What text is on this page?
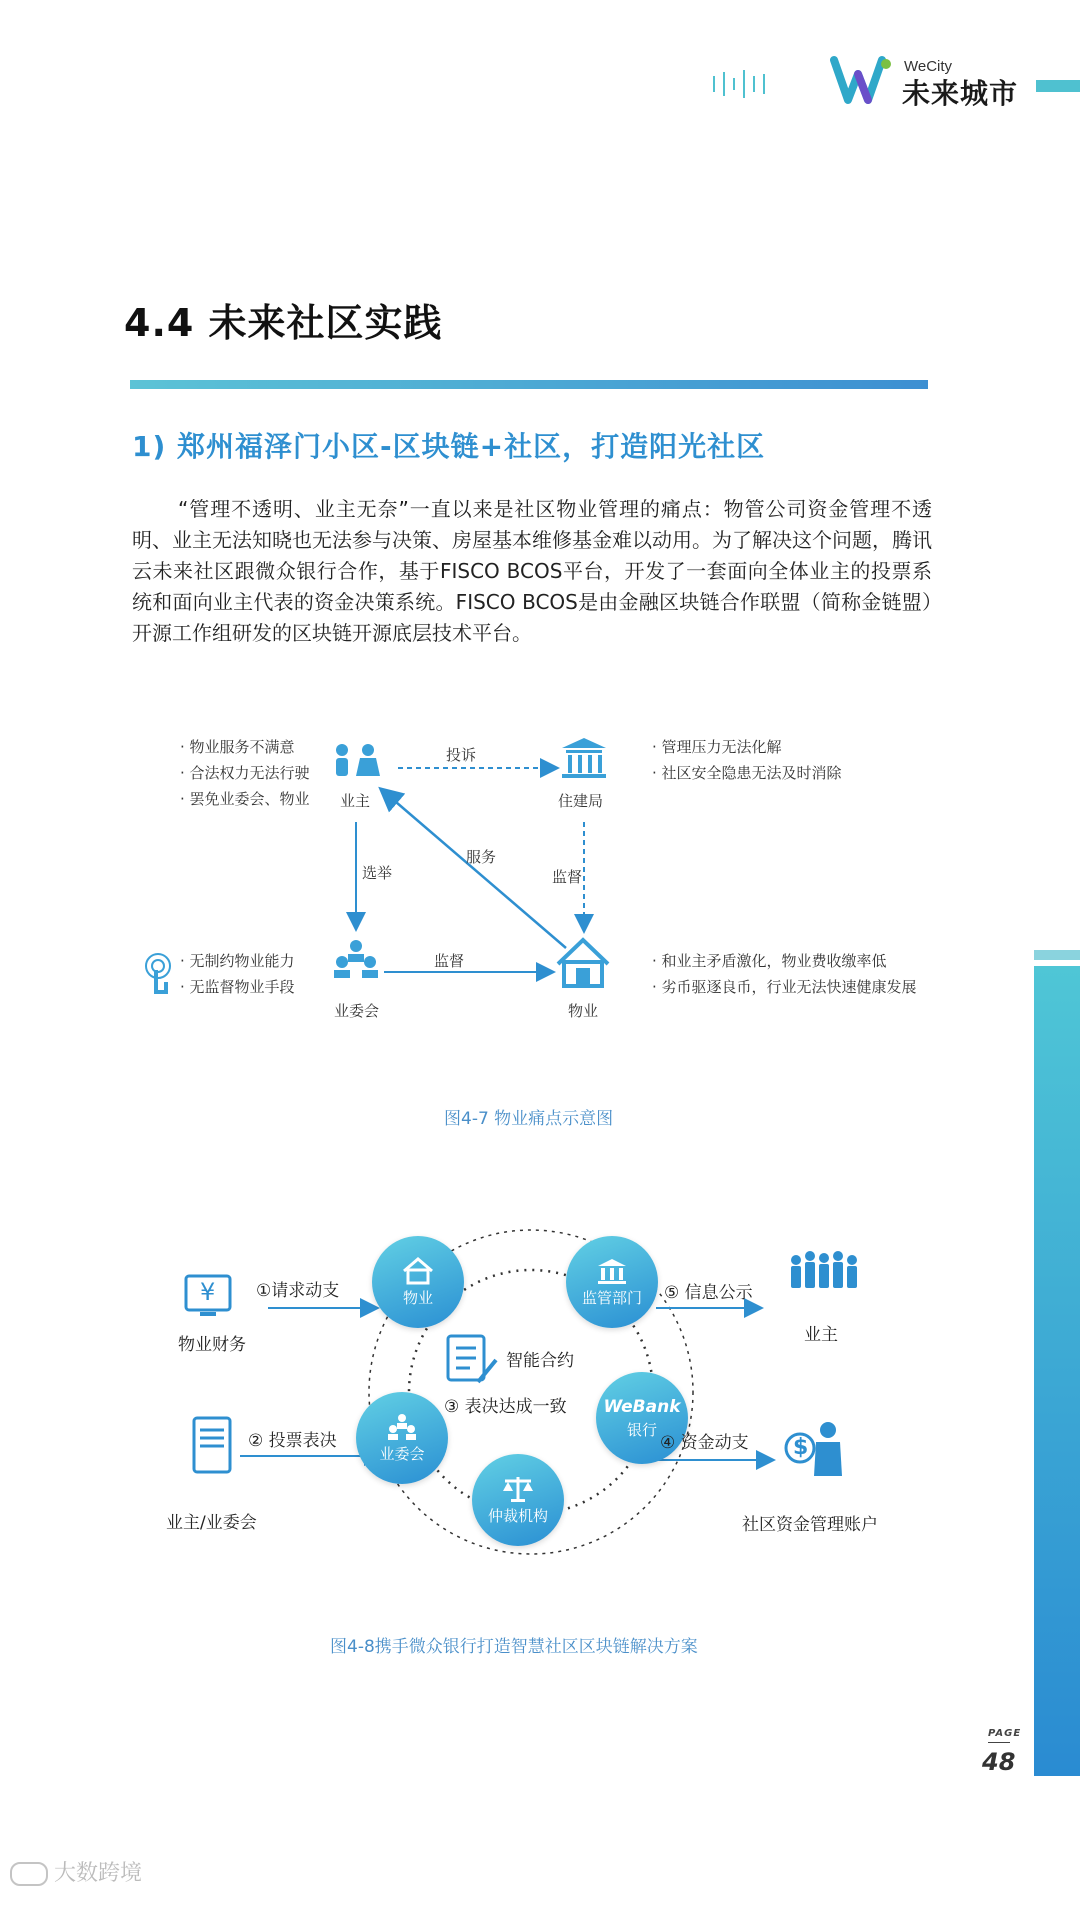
WeCity
未来城市
4.4 未来社区实践
1) 郑州福泽门小区-区块链+社区，打造阳光社区
“管理不透明、业主无奈”一直以来是社区物业管理的痛点：物管公司资金管理不透明、业主无法知晓也无法参与决策、房屋基本维修基金难以动用。为了解决这个问题，腾讯云未来社区跟微众银行合作，基于FISCO BCOS平台，开发了一套面向全体业主的投票系统和面向业主代表的资金决策系统。FISCO BCOS是由金融区块链合作联盟（简称金链盟）开源工作组研发的区块链开源底层技术平台。
· 物业服务不满意
· 合法权力无法行驶
· 罢免业委会、物业
· 管理压力无法化解
· 社区安全隐患无法及时消除
· 无制约物业能力
· 无监督物业手段
· 和业主矛盾激化，物业费收缴率低
· 劣币驱逐良币，行业无法快速健康发展
业主	住建局
业委会	物业
投诉
选举
服务
监督
监督
图4-7 物业痛点示意图
¥
$
物业	监管部门
业委会
WeBank
银行
仲裁机构
智能合约
①请求动支
② 投票表决
③ 表决达成一致
④ 资金动支
⑤ 信息公示
物业财务
业主/业委会
业主
社区资金管理账户
图4-8携手微众银行打造智慧社区区块链解决方案
PAGE
48
大数跨境
